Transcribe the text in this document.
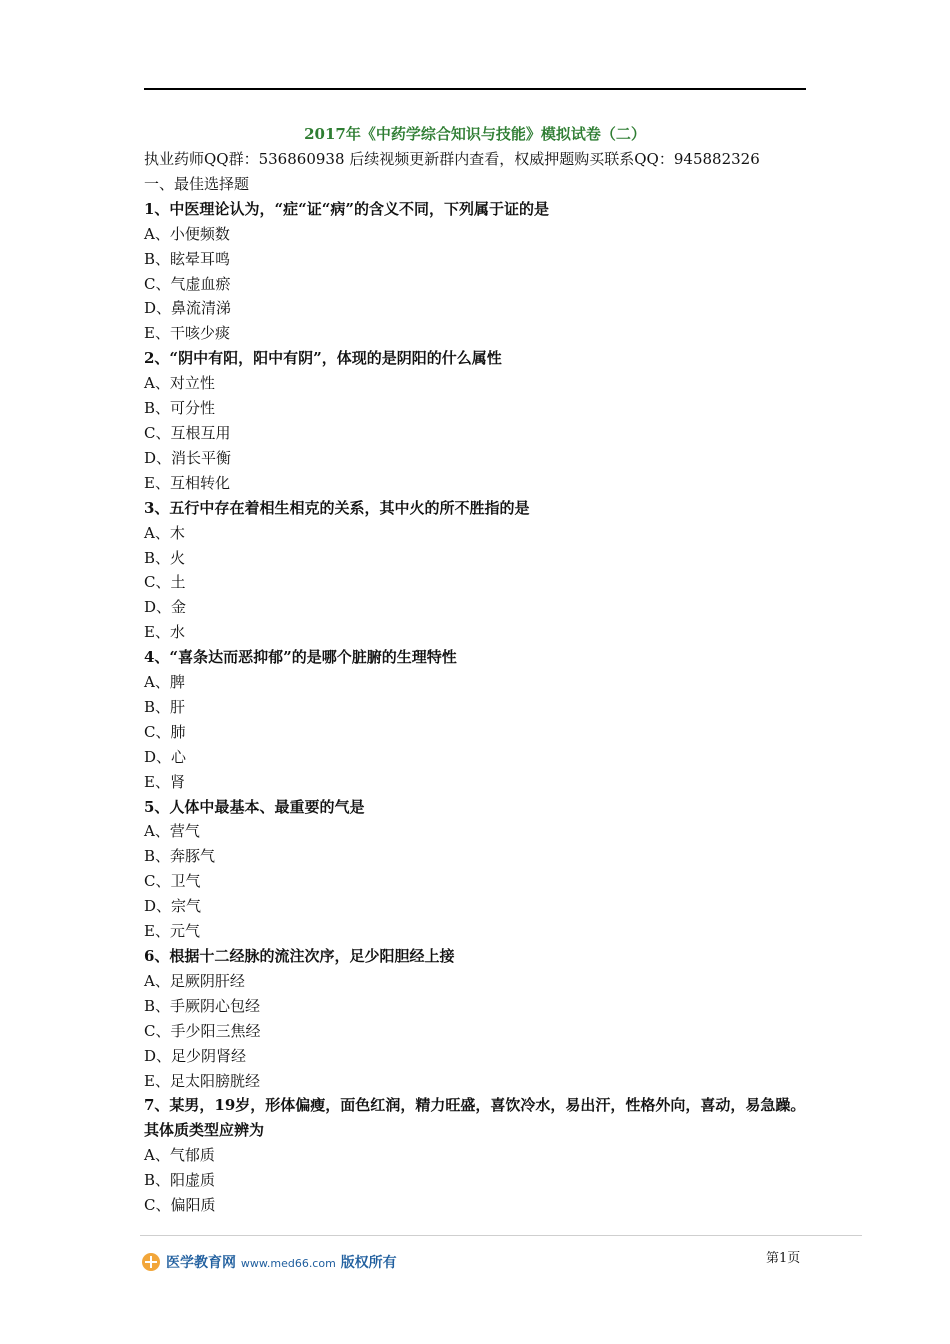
2017年《中药学综合知识与技能》模拟试卷（二）
执业药师QQ群：536860938 后续视频更新群内查看，权威押题购买联系QQ：945882326
一、最佳选择题
1、中医理论认为，“症“证“病”的含义不同，下列属于证的是
A、小便频数
B、眩晕耳鸣
C、气虚血瘀
D、鼻流清涕
E、干咳少痰
2、“阴中有阳，阳中有阴”，体现的是阴阳的什么属性
A、对立性
B、可分性
C、互根互用
D、消长平衡
E、互相转化
3、五行中存在着相生相克的关系，其中火的所不胜指的是
A、木
B、火
C、土
D、金
E、水
4、“喜条达而恶抑郁”的是哪个脏腑的生理特性
A、脾
B、肝
C、肺
D、心
E、肾
5、人体中最基本、最重要的气是
A、营气
B、奔豚气
C、卫气
D、宗气
E、元气
6、根据十二经脉的流注次序，足少阳胆经上接
A、足厥阴肝经
B、手厥阴心包经
C、手少阳三焦经
D、足少阴肾经
E、足太阳膀胱经
7、某男，19岁，形体偏瘦，面色红润，精力旺盛，喜饮冷水，易出汗，性格外向，喜动，易急躁。其体质类型应辨为
A、气郁质
B、阳虚质
C、偏阳质
医学教育网 www.med66.com 版权所有	第1页
